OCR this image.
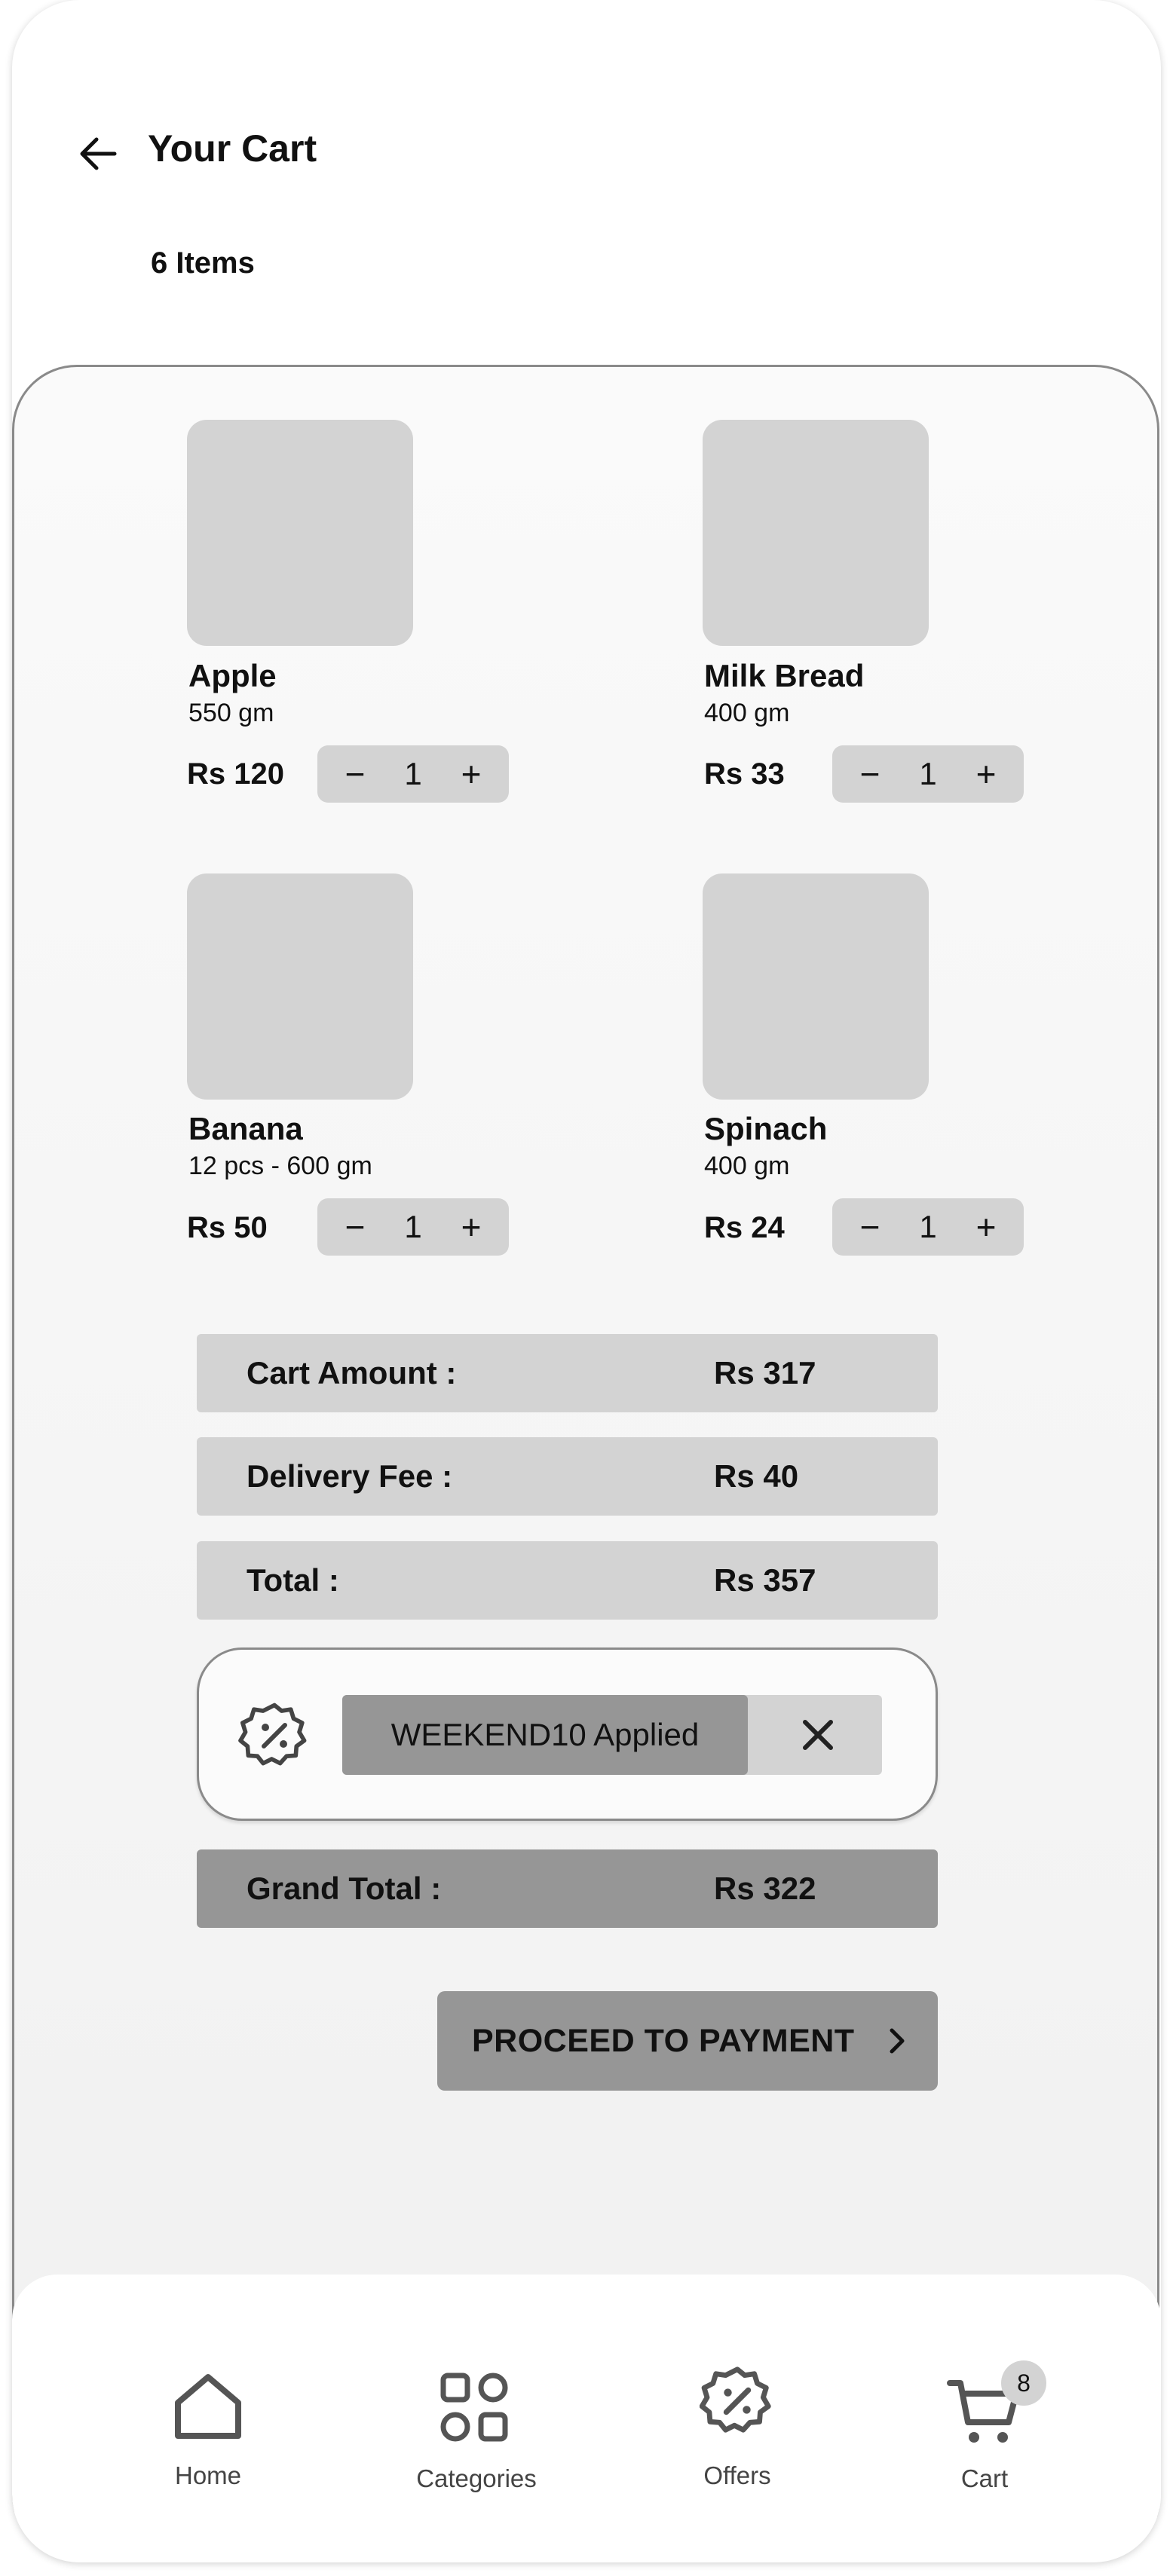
Your Cart
6 Items
Apple
550 gm
Rs 120	−	1	+
Milk Bread
400 gm
Rs 33	−	1	+
Banana
12 pcs - 600 gm
Rs 50	−	1	+
Spinach
400 gm
Rs 24	−	1	+
Cart Amount :	Rs 317
Delivery Fee :	Rs 40
Total :	Rs 357
WEEKEND10 Applied
Grand Total :	Rs 322
PROCEED TO PAYMENT
Home	Categories	Offers
8
Cart
